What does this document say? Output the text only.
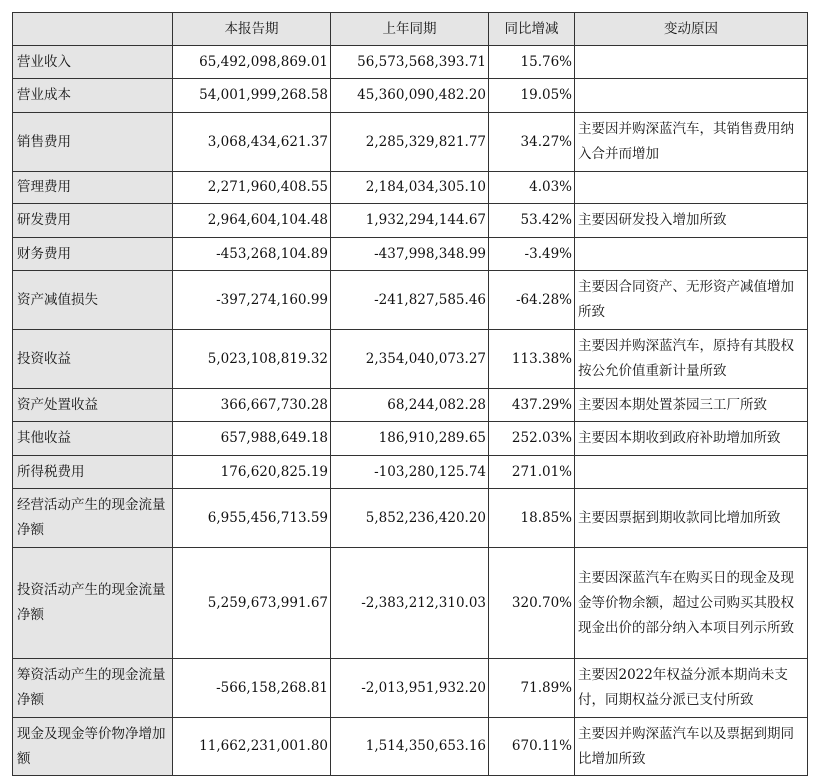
	本报告期	上年同期	同比增减	变动原因
营业收入	65,492,098,869.01	56,573,568,393.71	15.76%	
营业成本	54,001,999,268.58	45,360,090,482.20	19.05%	
销售费用	3,068,434,621.37	2,285,329,821.77	34.27%	主要因并购深蓝汽车，其销售费用纳入合并而增加
管理费用	2,271,960,408.55	2,184,034,305.10	4.03%	
研发费用	2,964,604,104.48	1,932,294,144.67	53.42%	主要因研发投入增加所致
财务费用	-453,268,104.89	-437,998,348.99	-3.49%	
资产减值损失	-397,274,160.99	-241,827,585.46	-64.28%	主要因合同资产、无形资产减值增加所致
投资收益	5,023,108,819.32	2,354,040,073.27	113.38%	主要因并购深蓝汽车，原持有其股权按公允价值重新计量所致
资产处置收益	366,667,730.28	68,244,082.28	437.29%	主要因本期处置茶园三工厂所致
其他收益	657,988,649.18	186,910,289.65	252.03%	主要因本期收到政府补助增加所致
所得税费用	176,620,825.19	-103,280,125.74	271.01%	
经营活动产生的现金流量净额	6,955,456,713.59	5,852,236,420.20	18.85%	主要因票据到期收款同比增加所致
投资活动产生的现金流量净额	5,259,673,991.67	-2,383,212,310.03	320.70%	主要因深蓝汽车在购买日的现金及现金等价物余额，超过公司购买其股权现金出价的部分纳入本项目列示所致
筹资活动产生的现金流量净额	-566,158,268.81	-2,013,951,932.20	71.89%	主要因2022年权益分派本期尚未支付，同期权益分派已支付所致
现金及现金等价物净增加额	11,662,231,001.80	1,514,350,653.16	670.11%	主要因并购深蓝汽车以及票据到期同比增加所致
